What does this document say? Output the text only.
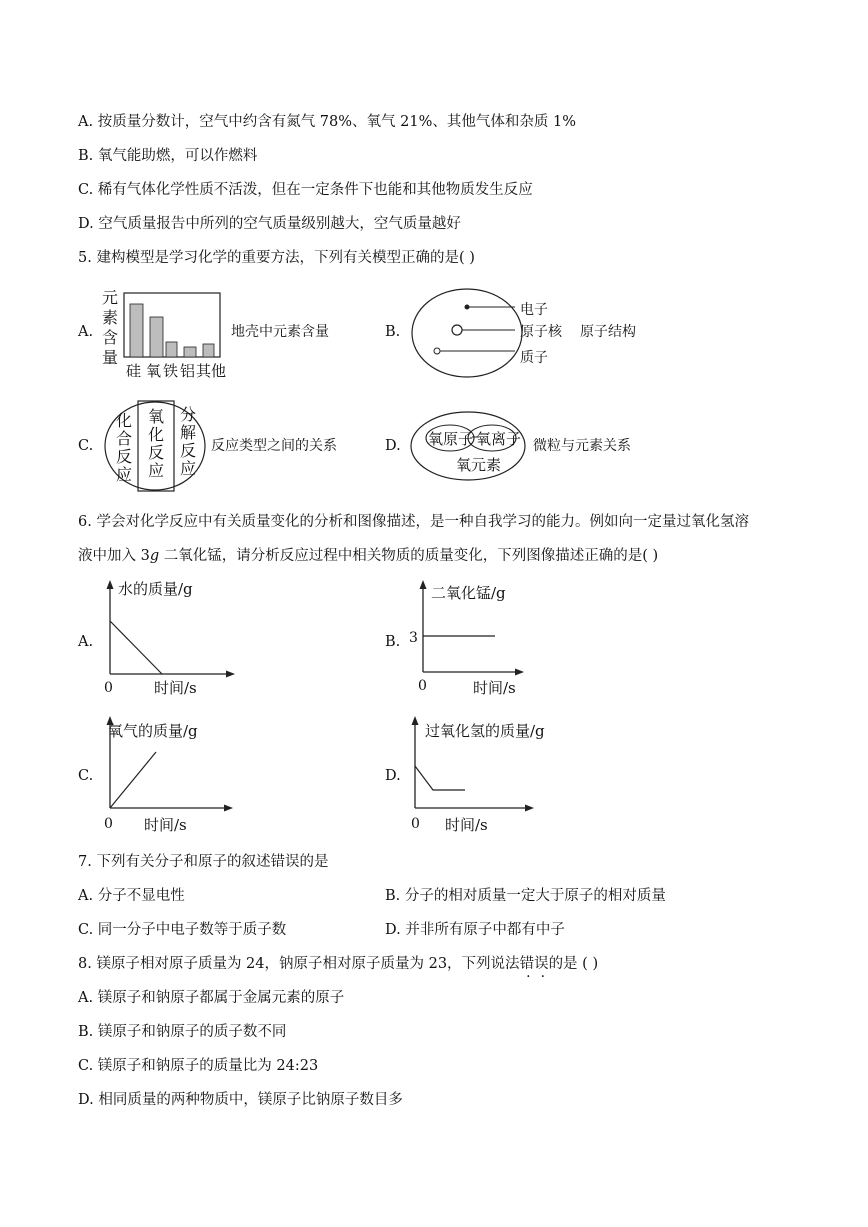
A. 按质量分数计，空气中约含有氮气 78%、氧气 21%、其他气体和杂质 1%
B. 氧气能助燃，可以作燃料
C. 稀有气体化学性质不活泼，但在一定条件下也能和其他物质发生反应
D. 空气质量报告中所列的空气质量级别越大，空气质量越好
5. 建构模型是学习化学的重要方法，下列有关模型正确的是( )
A.
元
素
含
量
硅 氧 铁 铝 其他
地壳中元素含量	B.
电子
原子核 原子结构
质子
C.
化
合
反
应
氧
化
反
应
分
解
反
应
反应类型之间的关系	D. 氧原子 氧离子
氧元素
微粒与元素关系
6. 学会对化学反应中有关质量变化的分析和图像描述，是一种自我学习的能力。例如向一定量过氧化氢溶
液中加入 3g 二氧化锰，请分析反应过程中相关物质的质量变化，下列图像描述正确的是( )
A.
水的质量/g
0	时间/s
B.
二氧化锰/g
3
0	时间/s
C.
氧气的质量/g
0 时间/s
D.
过氧化氢的质量/g
0 时间/s
7. 下列有关分子和原子的叙述错误的是
A. 分子不显电性	B. 分子的相对质量一定大于原子的相对质量
C. 同一分子中电子数等于质子数	D. 并非所有原子中都有中子
8. 镁原子相对原子质量为 24，钠原子相对原子质量为 23，下列说法错误的是 ( )
A. 镁原子和钠原子都属于金属元素的原子
B. 镁原子和钠原子的质子数不同
C. 镁原子和钠原子的质量比为 24:23
D. 相同质量的两种物质中，镁原子比钠原子数目多
